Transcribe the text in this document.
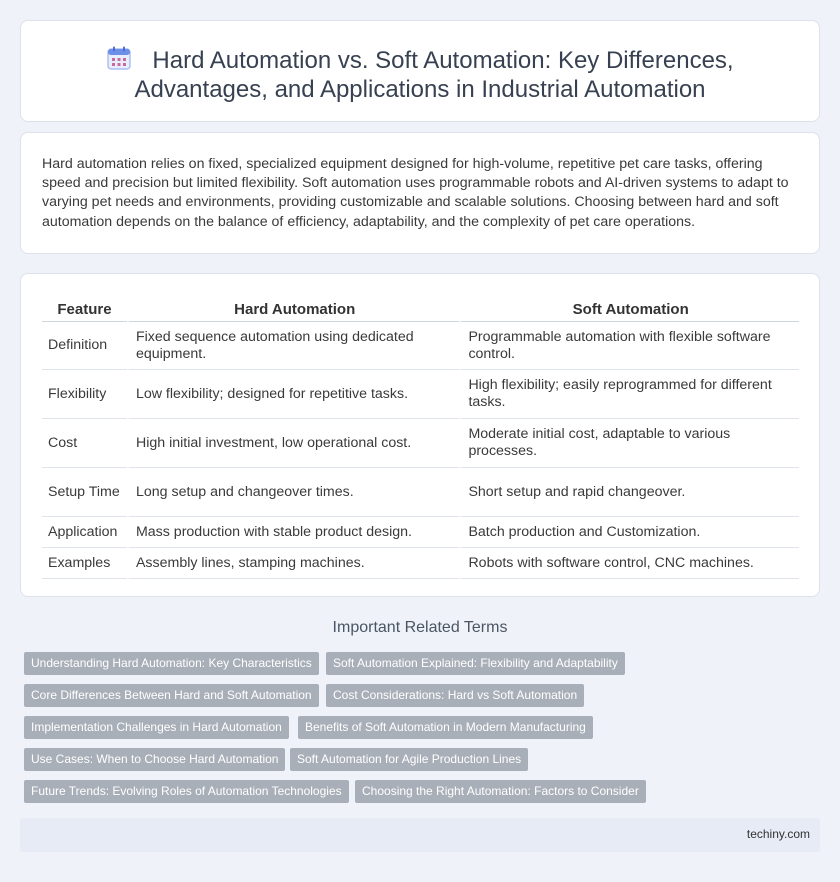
Hard Automation vs. Soft Automation: Key Differences,
Advantages, and Applications in Industrial Automation

Hard automation relies on fixed, specialized equipment designed for high-volume, repetitive pet care tasks, offering speed and precision but limited flexibility. Soft automation uses programmable robots and AI-driven systems to adapt to varying pet needs and environments, providing customizable and scalable solutions. Choosing between hard and soft automation depends on the balance of efficiency, adaptability, and the complexity of pet care operations.

Feature	Hard Automation	Soft Automation
Definition	Fixed sequence automation using dedicated equipment.	Programmable automation with flexible software control.
Flexibility	Low flexibility; designed for repetitive tasks.	High flexibility; easily reprogrammed for different tasks.
Cost	High initial investment, low operational cost.	Moderate initial cost, adaptable to various processes.
Setup Time	Long setup and changeover times.	Short setup and rapid changeover.
Application	Mass production with stable product design.	Batch production and Customization.
Examples	Assembly lines, stamping machines.	Robots with software control, CNC machines.
Important Related Terms
Understanding Hard Automation: Key Characteristics	Soft Automation Explained: Flexibility and Adaptability
Core Differences Between Hard and Soft Automation	Cost Considerations: Hard vs Soft Automation
Implementation Challenges in Hard Automation	Benefits of Soft Automation in Modern Manufacturing
Use Cases: When to Choose Hard Automation	Soft Automation for Agile Production Lines
Future Trends: Evolving Roles of Automation Technologies	Choosing the Right Automation: Factors to Consider
techiny.com
